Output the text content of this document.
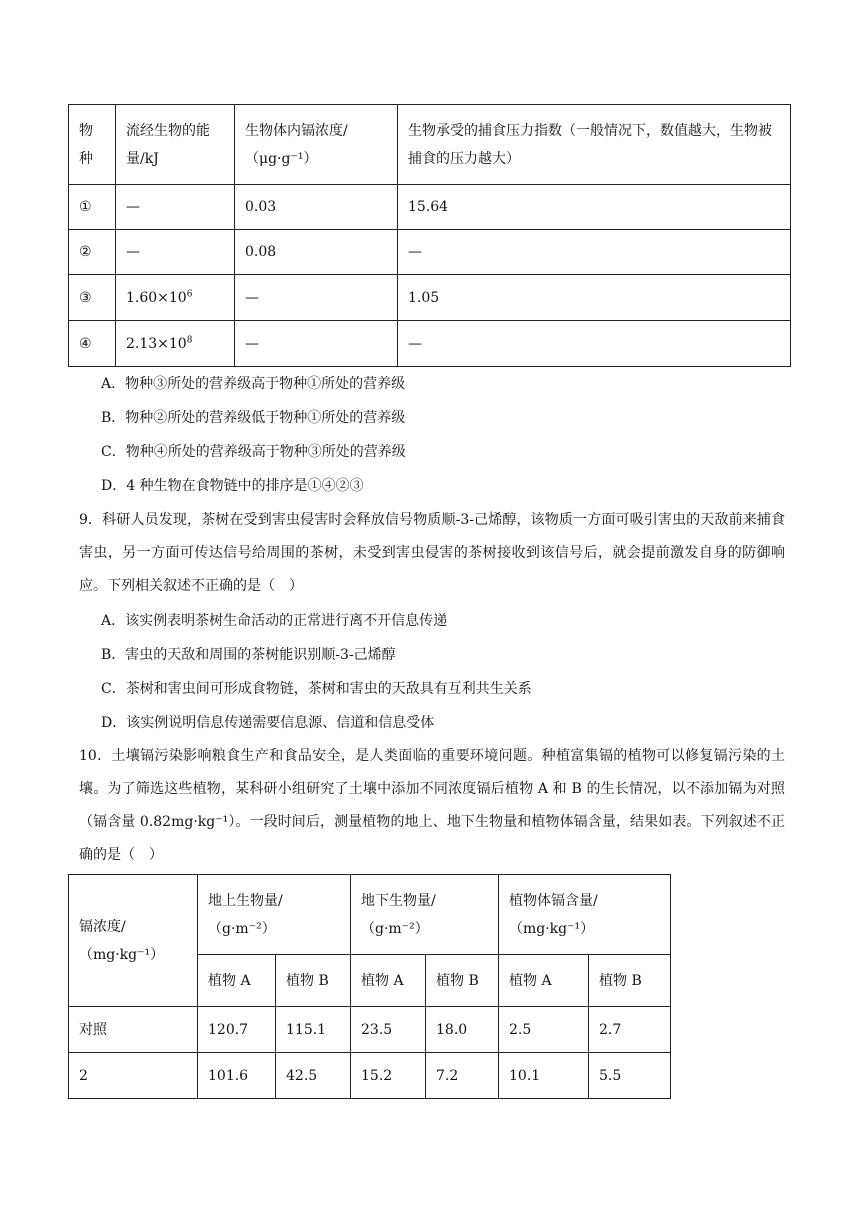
物种	流经生物的能量/kJ	生物体内镉浓度/（μg·g⁻¹）	生物承受的捕食压力指数（一般情况下，数值越大，生物被捕食的压力越大）
①	—	0.03	15.64
②	—	0.08	—
③	$1.60\times 10^6$	—	1.05
④	$2.13\times 10^8$	—	—
A．物种③所处的营养级高于物种①所处的营养级
B．物种②所处的营养级低于物种①所处的营养级
C．物种④所处的营养级高于物种③所处的营养级
D．4 种生物在食物链中的排序是①④②③
9．科研人员发现，茶树在受到害虫侵害时会释放信号物质顺-3-己烯醇，该物质一方面可吸引害虫的天敌前来捕食害虫，另一方面可传达信号给周围的茶树，未受到害虫侵害的茶树接收到该信号后，就会提前激发自身的防御响应。下列相关叙述不正确的是（　）
A．该实例表明茶树生命活动的正常进行离不开信息传递
B．害虫的天敌和周围的茶树能识别顺-3-己烯醇
C．茶树和害虫间可形成食物链，茶树和害虫的天敌具有互利共生关系
D．该实例说明信息传递需要信息源、信道和信息受体
10．土壤镉污染影响粮食生产和食品安全，是人类面临的重要环境问题。种植富集镉的植物可以修复镉污染的土壤。为了筛选这些植物，某科研小组研究了土壤中添加不同浓度镉后植物 A 和 B 的生长情况，以不添加镉为对照（镉含量 0.82mg·kg⁻¹）。一段时间后，测量植物的地上、地下生物量和植物体镉含量，结果如表。下列叙述不正确的是（　）
镉浓度/（mg·kg⁻¹）	地上生物量/（g·m⁻²）		地下生物量/（g·m⁻²）		植物体镉含量/（mg·kg⁻¹）	
	植物 A	植物 B	植物 A	植物 B	植物 A	植物 B
对照	120.7	115.1	23.5	18.0	2.5	2.7
2	101.6	42.5	15.2	7.2	10.1	5.5
